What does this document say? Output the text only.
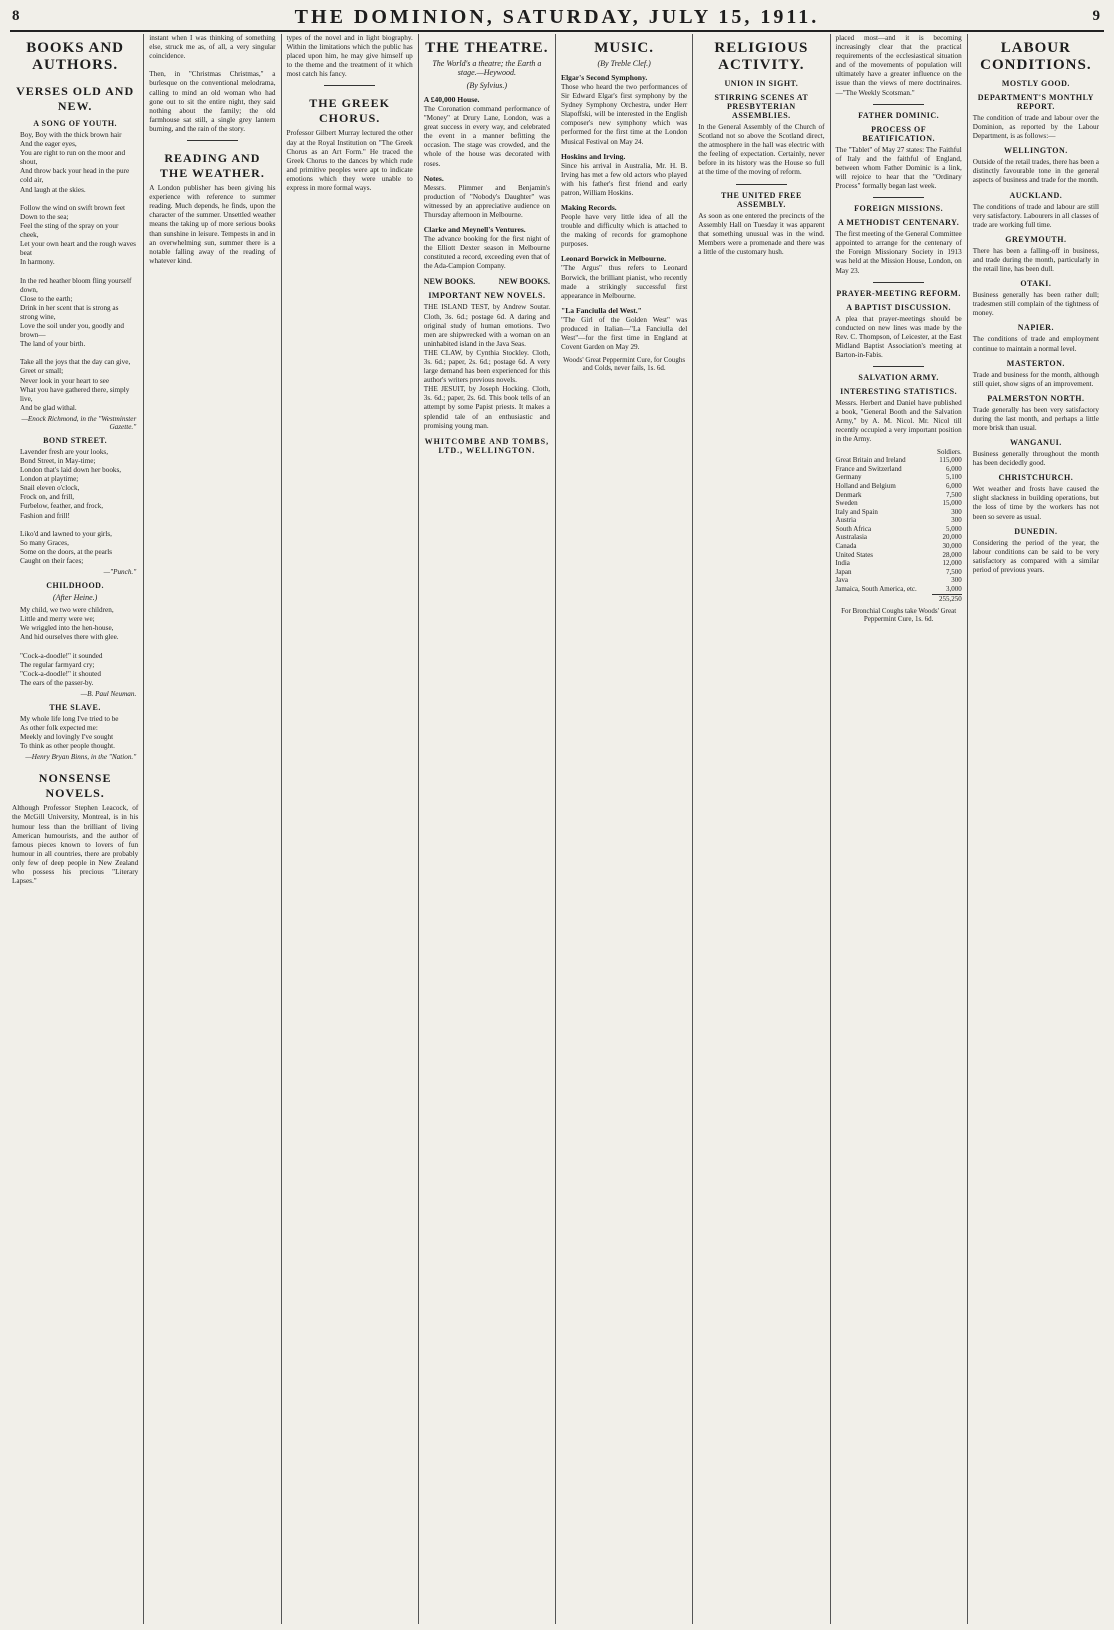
8	THE DOMINION, SATURDAY, JULY 15, 1911.	9
BOOKS AND AUTHORS.
VERSES OLD AND NEW.
A SONG OF YOUTH.

Boy, Boy with the thick brown hair
And the eager eyes,
You are right to run on the moor and
shout,
And throw back your head in the pure
cold air,
And laugh at the skies.

Follow the wind on swift brown feet
Down to the sea;
Feel the sting of the spray on your
cheek,
Let your own heart and the rough waves
beat
In harmony.

In the red heather bloom fling yourself
down,
Close to the earth;
Drink in her scent that is strong as
strong wine,
Love the soil under you, goodly and
brown—
The land of your birth.

Take all the joys that the day can give,
Greet or small;
Never look in your heart to see
What you have gathered there, simply
live,
And be glad withal.

—Enock Richmond, in the "Westminster Gazette."
BOND STREET.

Lavender fresh are your looks,
Bond Street, in May-time;
London that's laid down her books,
London at playtime;
Snail eleven o'clock,
Frock on, and frill,
Furbelow, feather, and frock,
Fashion and frill!

Liko'd and lawned to your girls,
So many Graces,
Some on the doors, at the pearls
Caught on their faces;

—"Punch."
CHILDHOOD.
(After Heine.)

My child, we two were children,
Little and merry were we;
We wriggled into the hen-house,
And hid ourselves there with glee.

"Cock-a-doodle!" it sounded
The regular farmyard cry;
"Cock-a-doodle!" it shouted
The ears of the passer-by.

—B. Paul Neuman.
THE SLAVE.

My whole life long I've tried to be
As other folk expected me:
Meekly and lovingly I've sought
To think as other people thought.

—Henry Bryan Binns, in the "Nation."
NONSENSE NOVELS.

Although Professor Stephen Leacock, of the McGill University, Montreal, is in his humour less than the brilliant of living American humourists, and the author of famous pieces known to lovers of fun humour in all countries, there are probably only few of deep people in New Zealand who possess his precious "Literary Lapses."

instant when I was thinking of something else, struck me as, of all, a very singular coincidence.

Then, in "Christmas Christmas," a burlesque on the conventional melodrama, calling to mind an old woman who had gone out to sit the entire night, they said nothing about the family; the old farmhouse sat still, a single grey lantern burning, and the rain of the story.

READING AND THE WEATHER.

A London publisher has been giving his experience with reference to summer reading. Much depends, he finds, upon the character of the summer. Unsettled weather means the taking up of more serious books than sunshine in leisure. Tempests in and in an overwhelming sun, summer there is a notable falling away of the reading of whatever kind.

types of the novel and in light biography. Within the limitations which the public has placed upon him, he may give himself up to the theme and the treatment of it which most catch his fancy.

THE GREEK CHORUS.

Professor Gilbert Murray lectured the other day at the Royal Institution on "The Greek Chorus as an Art Form." He traced the Greek Chorus to the dances by which rude and primitive peoples were apt to indicate emotions which they were unable to express in more formal ways.

THE THEATRE.
The World's a theatre; the Earth a stage.—Heywood.
(By Sylvius.)
A £40,000 House.

The Coronation command performance of "Money" at Drury Lane, London, was a great success in every way, and celebrated the event in a manner befitting the occasion. The stage was crowded, and the whole of the house was decorated with roses.

Notes.

Messrs. Plimmer and Benjamin's production of "Nobody's Daughter" was witnessed by an appreciative audience on Thursday afternoon in Melbourne.

Clarke and Meynell's Ventures.

The advance booking for the first night of the Elliott Dexter season in Melbourne constituted a record, exceeding even that of the Ada-Campion Company.

NEW BOOKS.	NEW BOOKS.
IMPORTANT NEW NOVELS.

THE ISLAND TEST, by Andrew Soutar. Cloth, 3s. 6d.; postage 6d. A daring and original study of human emotions. Two men are shipwrecked with a woman on an uninhabited island in the Java Seas.

THE CLAW, by Cynthia Stockley. Cloth, 3s. 6d.; paper, 2s. 6d.; postage 6d. A very large demand has been experienced for this author's writers previous novels.

THE JESUIT, by Joseph Hocking. Cloth, 3s. 6d.; paper, 2s. 6d. This book tells of an attempt by some Papist priests. It makes a splendid tale of an enthusiastic and promising young man.

WHITCOMBE AND TOMBS, LTD., WELLINGTON.
MUSIC.
(By Treble Clef.)
Elgar's Second Symphony.

Those who heard the two performances of Sir Edward Elgar's first symphony by the Sydney Symphony Orchestra, under Herr Slapoffski, will be interested in the English composer's new symphony which was performed for the first time at the London Musical Festival on May 24.

Hoskins and Irving.

Since his arrival in Australia, Mr. H. B. Irving has met a few old actors who played with his father's first friend and early patron, William Hoskins.

Making Records.

People have very little idea of all the trouble and difficulty which is attached to the making of records for gramophone purposes.

Leonard Borwick in Melbourne.

"The Argus" thus refers to Leonard Borwick, the brilliant pianist, who recently made a strikingly successful first appearance in Melbourne.

"La Fanciulla del West."

"The Girl of the Golden West" was produced in Italian—"La Fanciulla del West"—for the first time in England at Covent Garden on May 29.

Woods' Great Peppermint Cure, for Coughs and Colds, never fails, 1s. 6d.
RELIGIOUS ACTIVITY.
UNION IN SIGHT.
STIRRING SCENES AT PRESBYTERIAN ASSEMBLIES.

In the General Assembly of the Church of Scotland not so above the Scotland direct, the atmosphere in the hall was electric with the feeling of expectation. Certainly, never before in its history was the House so full at the time of the moving of reform.

THE UNITED FREE ASSEMBLY.

As soon as one entered the precincts of the Assembly Hall on Tuesday it was apparent that something unusual was in the wind. Members were a promenade and there was a little of the customary hush.

placed most—and it is becoming increasingly clear that the practical requirements of the ecclesiastical situation and of the movements of population will ultimately have a greater influence on the issue than the views of mere doctrinaires.—"The Weekly Scotsman."

FATHER DOMINIC.
PROCESS OF BEATIFICATION.

The "Tablet" of May 27 states: The Faithful of Italy and the faithful of England, between whom Father Dominic is a link, will rejoice to hear that the "Ordinary Process" formally began last week.

FOREIGN MISSIONS.
A METHODIST CENTENARY.

The first meeting of the General Committee appointed to arrange for the centenary of the Foreign Missionary Society in 1913 was held at the Mission House, London, on May 23.

PRAYER-MEETING REFORM.
A BAPTIST DISCUSSION.

A plea that prayer-meetings should be conducted on new lines was made by the Rev. C. Thompson, of Leicester, at the East Midland Baptist Association's meeting at Barton-in-Fabis.

SALVATION ARMY.
INTERESTING STATISTICS.

Messrs. Herbert and Daniel have published a book, "General Booth and the Salvation Army," by A. M. Nicol. Mr. Nicol till recently occupied a very important position in the Army.

	Soldiers.
Great Britain and Ireland	115,000
France and Switzerland	6,000
Germany	5,100
Holland and Belgium	6,000
Denmark	7,500
Sweden	15,000
Italy and Spain	300
Austria	300
South Africa	5,000
Australasia	20,000
Canada	30,000
United States	28,000
India	12,000
Japan	7,500
Java	300
Jamaica, South America, etc.	3,000
	255,250
For Bronchial Coughs take Woods' Great Peppermint Cure, 1s. 6d.
LABOUR CONDITIONS.
MOSTLY GOOD.
DEPARTMENT'S MONTHLY REPORT.

The condition of trade and labour over the Dominion, as reported by the Labour Department, is as follows:—

WELLINGTON.

Outside of the retail trades, there has been a distinctly favourable tone in the general aspects of business and trade for the month.

AUCKLAND.

The conditions of trade and labour are still very satisfactory. Labourers in all classes of trade are working full time.

GREYMOUTH.

There has been a falling-off in business, and trade during the month, particularly in the retail line, has been dull.

OTAKI.

Business generally has been rather dull; tradesmen still complain of the tightness of money.

NAPIER.

The conditions of trade and employment continue to maintain a normal level.

MASTERTON.

Trade and business for the month, although still quiet, show signs of an improvement.

PALMERSTON NORTH.

Trade generally has been very satisfactory during the last month, and perhaps a little more brisk than usual.

WANGANUI.

Business generally throughout the month has been decidedly good.

CHRISTCHURCH.

Wet weather and frosts have caused the slight slackness in building operations, but the loss of time by the workers has not been so severe as usual.

DUNEDIN.

Considering the period of the year, the labour conditions can be said to be very satisfactory as compared with a similar period of previous years.
